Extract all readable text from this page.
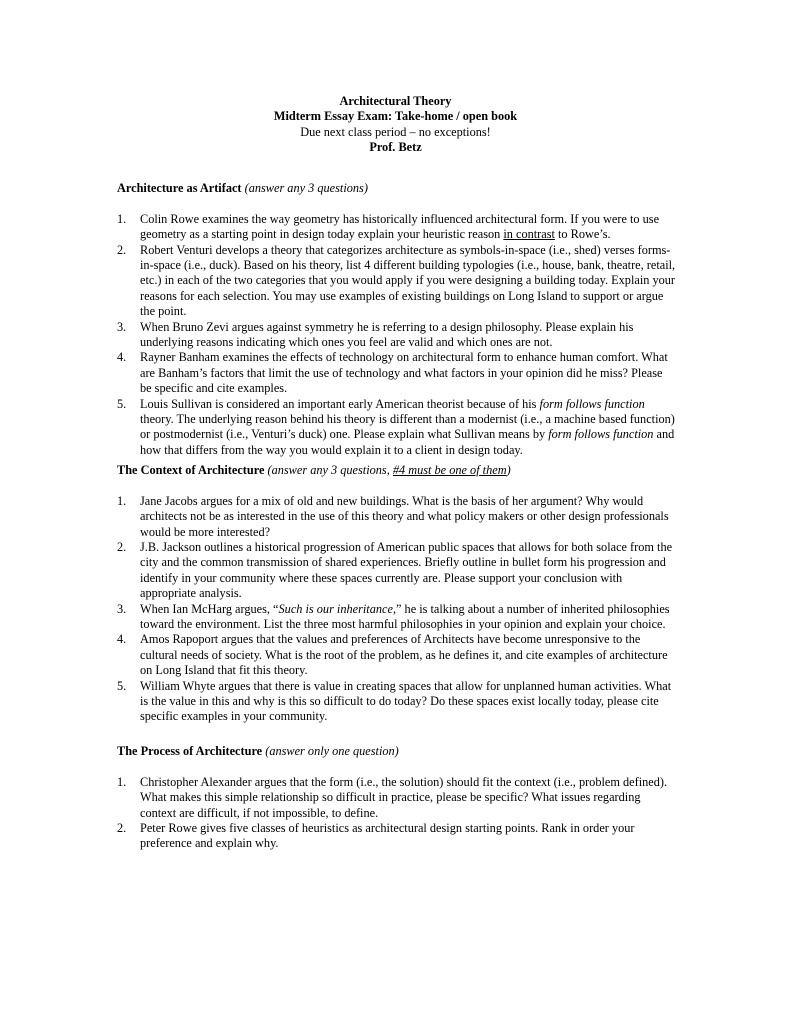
Architectural Theory
Midterm Essay Exam: Take-home / open book
Due next class period – no exceptions!
Prof. Betz
Architecture as Artifact (answer any 3 questions)
1. Colin Rowe examines the way geometry has historically influenced architectural form. If you were to use geometry as a starting point in design today explain your heuristic reason in contrast to Rowe’s.
2. Robert Venturi develops a theory that categorizes architecture as symbols-in-space (i.e., shed) verses forms-in-space (i.e., duck). Based on his theory, list 4 different building typologies (i.e., house, bank, theatre, retail, etc.) in each of the two categories that you would apply if you were designing a building today. Explain your reasons for each selection. You may use examples of existing buildings on Long Island to support or argue the point.
3. When Bruno Zevi argues against symmetry he is referring to a design philosophy. Please explain his underlying reasons indicating which ones you feel are valid and which ones are not.
4. Rayner Banham examines the effects of technology on architectural form to enhance human comfort. What are Banham’s factors that limit the use of technology and what factors in your opinion did he miss? Please be specific and cite examples.
5. Louis Sullivan is considered an important early American theorist because of his form follows function theory. The underlying reason behind his theory is different than a modernist (i.e., a machine based function) or postmodernist (i.e., Venturi’s duck) one. Please explain what Sullivan means by form follows function and how that differs from the way you would explain it to a client in design today.
The Context of Architecture (answer any 3 questions, #4 must be one of them)
1. Jane Jacobs argues for a mix of old and new buildings. What is the basis of her argument? Why would architects not be as interested in the use of this theory and what policy makers or other design professionals would be more interested?
2. J.B. Jackson outlines a historical progression of American public spaces that allows for both solace from the city and the common transmission of shared experiences. Briefly outline in bullet form his progression and identify in your community where these spaces currently are. Please support your conclusion with appropriate analysis.
3. When Ian McHarg argues, “Such is our inheritance,” he is talking about a number of inherited philosophies toward the environment. List the three most harmful philosophies in your opinion and explain your choice.
4. Amos Rapoport argues that the values and preferences of Architects have become unresponsive to the cultural needs of society. What is the root of the problem, as he defines it, and cite examples of architecture on Long Island that fit this theory.
5. William Whyte argues that there is value in creating spaces that allow for unplanned human activities. What is the value in this and why is this so difficult to do today? Do these spaces exist locally today, please cite specific examples in your community.
The Process of Architecture (answer only one question)
1. Christopher Alexander argues that the form (i.e., the solution) should fit the context (i.e., problem defined). What makes this simple relationship so difficult in practice, please be specific? What issues regarding context are difficult, if not impossible, to define.
2. Peter Rowe gives five classes of heuristics as architectural design starting points. Rank in order your preference and explain why.
